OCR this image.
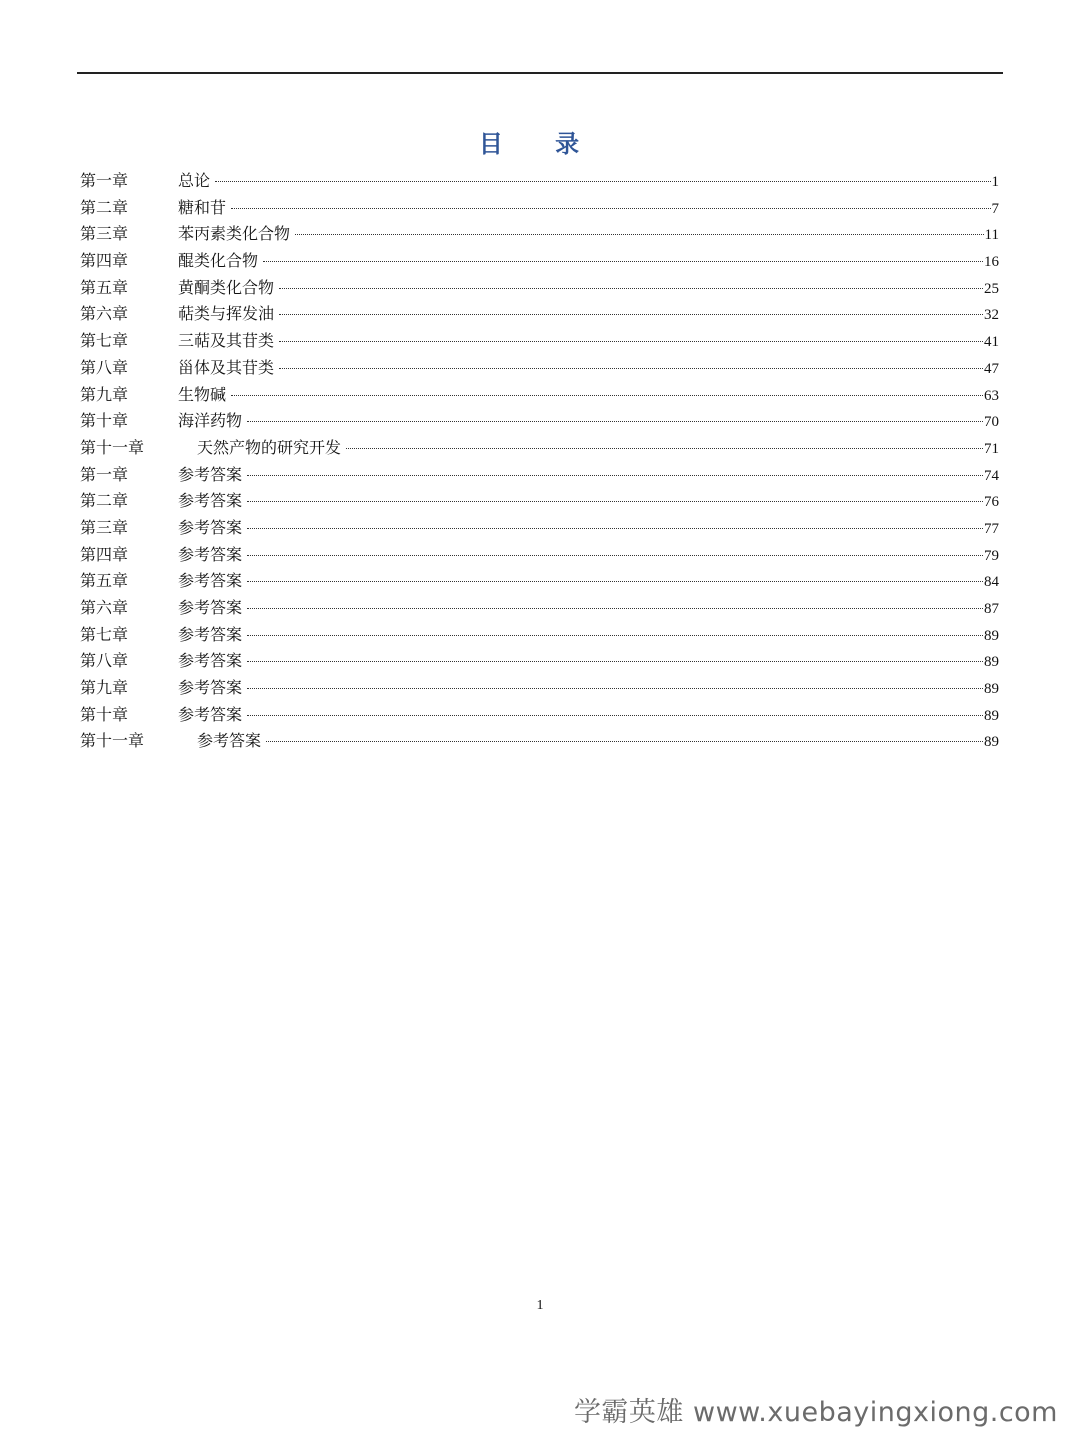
目 录
第一章	总论	1
第二章	糖和苷	7
第三章	苯丙素类化合物	11
第四章	醌类化合物	16
第五章	黄酮类化合物	25
第六章	萜类与挥发油	32
第七章	三萜及其苷类	41
第八章	甾体及其苷类	47
第九章	生物碱	63
第十章	海洋药物	70
第十一章	天然产物的研究开发	71
第一章	参考答案	74
第二章	参考答案	76
第三章	参考答案	77
第四章	参考答案	79
第五章	参考答案	84
第六章	参考答案	87
第七章	参考答案	89
第八章	参考答案	89
第九章	参考答案	89
第十章	参考答案	89
第十一章	参考答案	89
1
学霸英雄 www.xuebayingxiong.com
